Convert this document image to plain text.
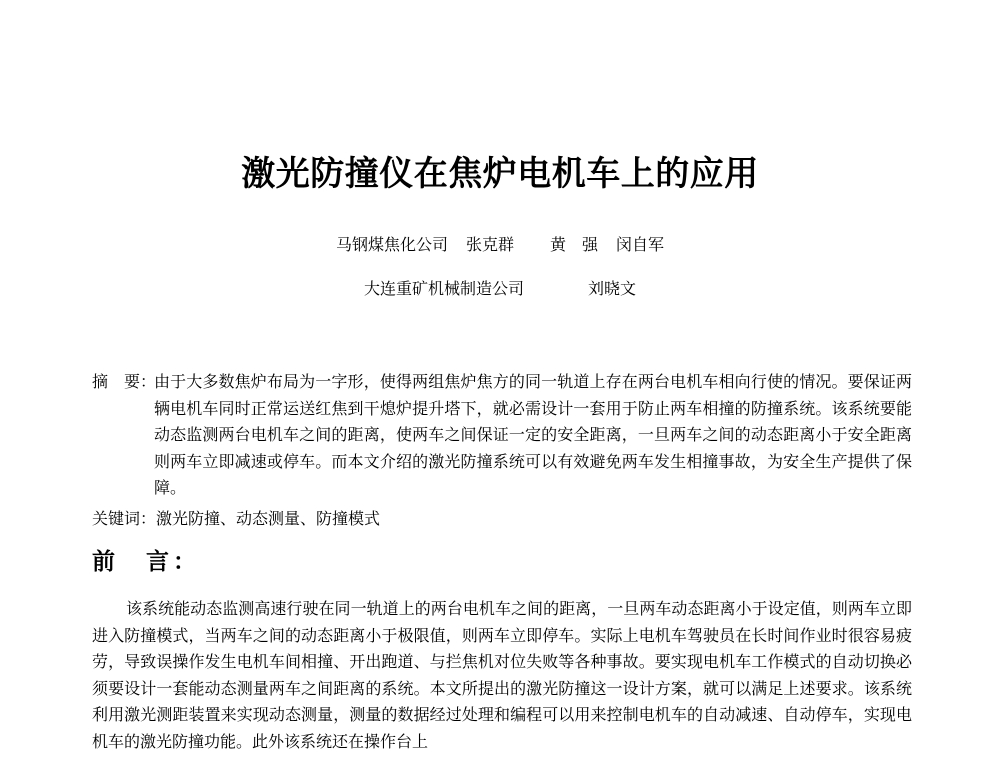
激光防撞仪在焦炉电机车上的应用
马钢煤焦化公司 张克群 黄　强 闵自军
大连重矿机械制造公司	刘晓文
摘　要：
由于大多数焦炉布局为一字形，使得两组焦炉焦方的同一轨道上存在两台电机车相向行使的情况。要保证两辆电机车同时正常运送红焦到干熄炉提升塔下，就必需设计一套用于防止两车相撞的防撞系统。该系统要能动态监测两台电机车之间的距离，使两车之间保证一定的安全距离，一旦两车之间的动态距离小于安全距离则两车立即减速或停车。而本文介绍的激光防撞系统可以有效避免两车发生相撞事故，为安全生产提供了保障。
关键词：激光防撞、动态测量、防撞模式
前　言：
该系统能动态监测高速行驶在同一轨道上的两台电机车之间的距离，一旦两车动态距离小于设定值，则两车立即进入防撞模式，当两车之间的动态距离小于极限值，则两车立即停车。实际上电机车驾驶员在长时间作业时很容易疲劳，导致误操作发生电机车间相撞、开出跑道、与拦焦机对位失败等各种事故。要实现电机车工作模式的自动切换必须要设计一套能动态测量两车之间距离的系统。本文所提出的激光防撞这一设计方案，就可以满足上述要求。该系统利用激光测距装置来实现动态测量，测量的数据经过处理和编程可以用来控制电机车的自动减速、自动停车，实现电机车的激光防撞功能。此外该系统还在操作台上
